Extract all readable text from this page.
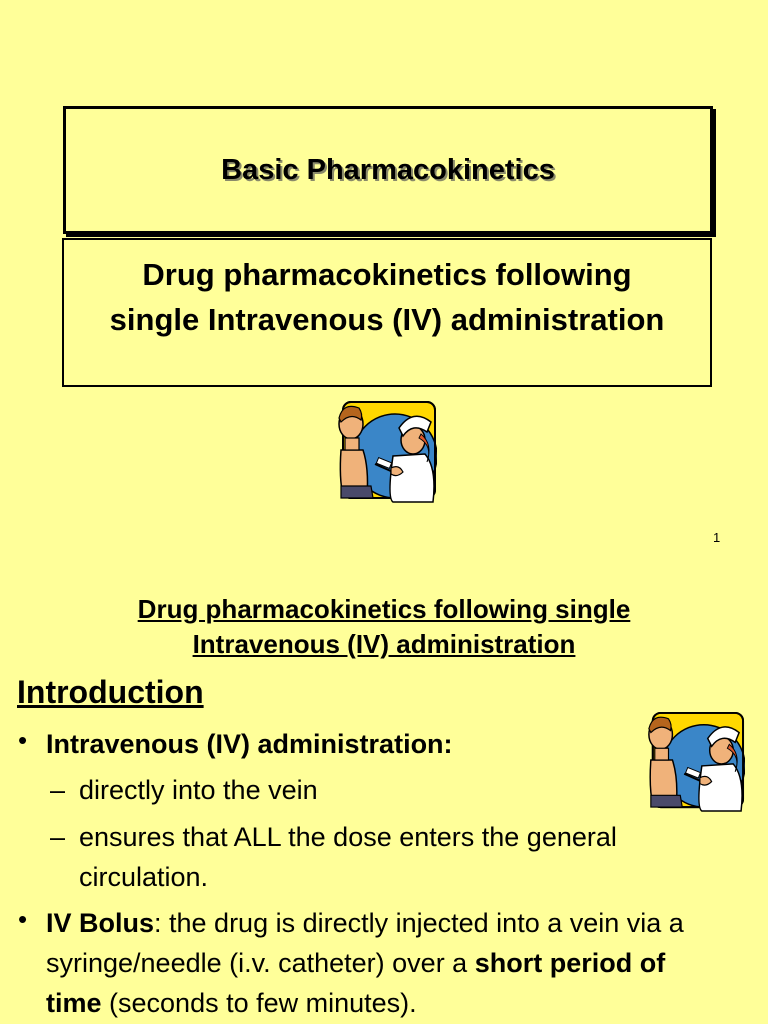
Basic Pharmacokinetics
Drug pharmacokinetics following
single Intravenous (IV) administration
1
Drug pharmacokinetics following single
Intravenous (IV) administration
Introduction
• Intravenous (IV) administration:
– directly into the vein
– ensures that ALL the dose enters the general
circulation.
• IV Bolus: the drug is directly injected into a vein via a
syringe/needle (i.v. catheter) over a short period of
time (seconds to few minutes).
